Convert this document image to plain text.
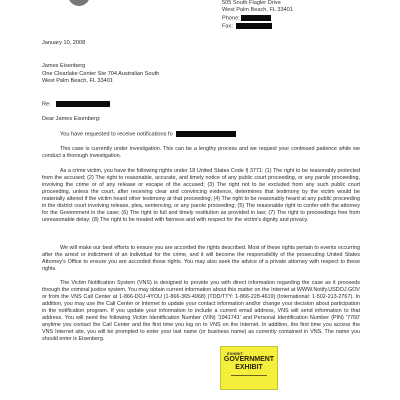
505 South Flagler Drive
West Palm Beach, FL 33401
Phone:
Fax:
January 10, 2008
James Eisenberg
One Clearlake Center Ste 704 Australian South
West Palm Beach, FL 33401
Re:
Dear James Eisenberg:
You have requested to receive notifications fo

This case is currently under investigation. This can be a lengthy process and we request your continued patience while we conduct a thorough investigation.

As a crime victim, you have the following rights under 18 United States Code § 3771: (1) The right to be reasonably protected from the accused; (2) The right to reasonable, accurate, and timely notice of any public court proceeding, or any parole proceeding, involving the crime or of any release or escape of the accused; (3) The right not to be excluded from any such public court proceeding, unless the court, after receiving clear and convincing evidence, determines that testimony by the victim would be materially altered if the victim heard other testimony at that proceeding; (4) The right to be reasonably heard at any public proceeding in the district court involving release, plea, sentencing, or any parole proceeding; (5) The reasonable right to confer with the attorney for the Government in the case; (6) The right to full and timely restitution as provided in law; (7) The right to proceedings free from unreasonable delay; (8) The right to be treated with fairness and with respect for the victim's dignity and privacy.

We will make our best efforts to ensure you are accorded the rights described. Most of these rights pertain to events occurring after the arrest or indictment of an individual for the crime, and it will become the responsibility of the prosecuting United States Attorney's Office to ensure you are accorded those rights. You may also seek the advice of a private attorney with respect to these rights.

The Victim Notification System (VNS) is designed to provide you with direct information regarding the case as it proceeds through the criminal justice system. You may obtain current information about this matter on the Internet at WWW.Notify.USDOJ.GOV or from the VNS Call Center at 1-866-DOJ-4YOU (1-866-365-4968) (TDD/TTY: 1-866-228-4619) (International: 1-502-213-2767). In addition, you may use the Call Center or Internet to update your contact information and/or change your decision about participation in the notification program. If you update your information to include a current email address, VNS will send information to that address. You will need the following Victim Identification Number (VIN) '1941741' and Personal Identification Number (PIN) '7760' anytime you contact the Call Center and the first time you log on to VNS on the Internet. In addition, the first time you access the VNS Internet site, you will be prompted to enter your last name (or business name) as currently contained in VNS. The name you should enter is Eisenberg.

EXHIBIT
GOVERNMENT
EXHIBIT
